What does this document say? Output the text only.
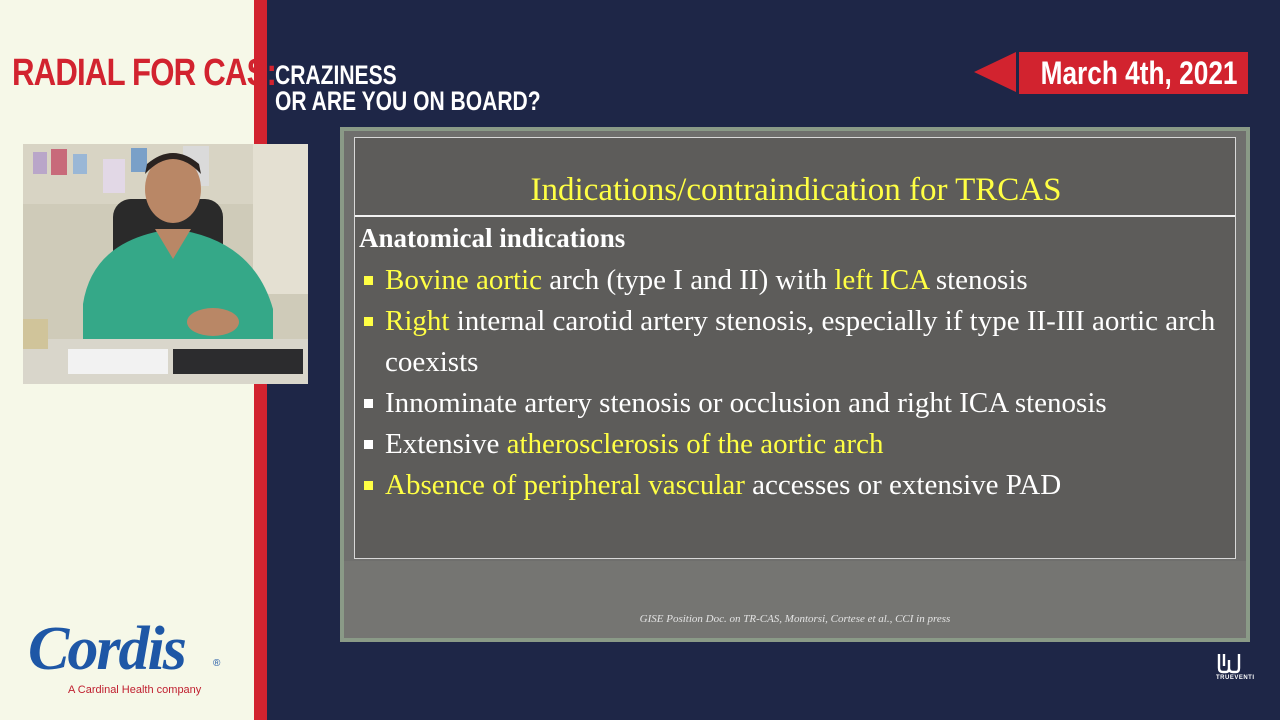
RADIAL FOR CAS:
CRAZINESS
OR ARE YOU ON BOARD?
March 4th, 2021
GISE Position Doc. on TR-CAS, Montorsi, Cortese et al., CCI in press
Indications/contraindication for TRCAS
Anatomical indications
Bovine aortic arch (type I and II) with left ICA stenosis
Right internal carotid artery stenosis, especially if type II-III aortic arch coexists
Innominate artery stenosis or occlusion and right ICA stenosis
Extensive atherosclerosis of the aortic arch
Absence of peripheral vascular accesses or extensive PAD
Cordis	®
A Cardinal Health company
TRUEVENTI
